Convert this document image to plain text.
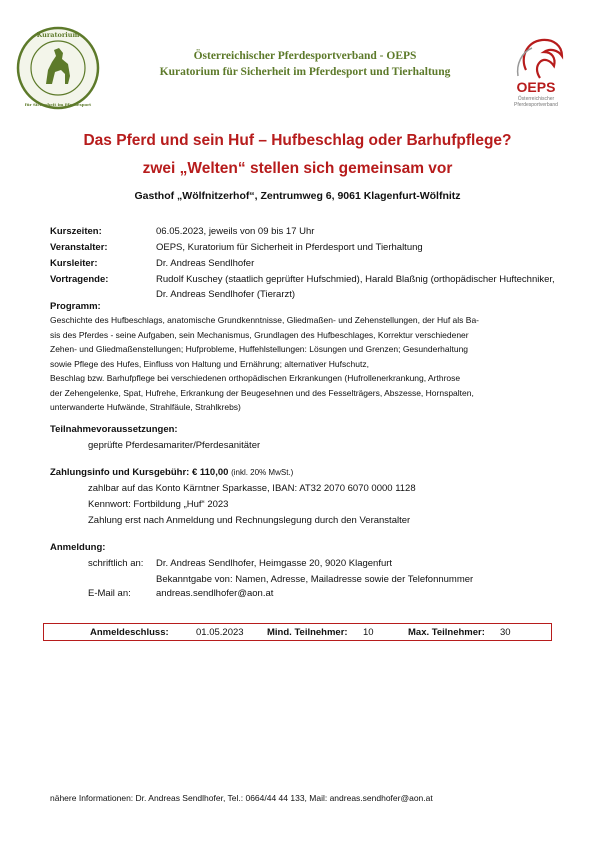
Kuratorium
für Sicherheit im Pferdesport
Österreichischer Pferdesportverband - OEPS
Kuratorium für Sicherheit im Pferdesport und Tierhaltung
OEPS
Österreichischer
Pferdesportverband
Das Pferd und sein Huf – Hufbeschlag oder Barhufpflege?
zwei „Welten“ stellen sich gemeinsam vor
Gasthof „Wölfnitzerhof“, Zentrumweg 6, 9061 Klagenfurt-Wölfnitz
Kurszeiten:	06.05.2023, jeweils von 09 bis 17 Uhr
Veranstalter:	OEPS, Kuratorium für Sicherheit in Pferdesport und Tierhaltung
Kursleiter:	Dr. Andreas Sendlhofer
Vortragende:	Rudolf Kuschey (staatlich geprüfter Hufschmied), Harald Blaßnig (orthopädischer Huftechniker, Dr. Andreas Sendlhofer (Tierarzt)
Programm:
Geschichte des Hufbeschlags, anatomische Grundkenntnisse, Gliedmaßen- und Zehenstellungen, der Huf als Ba-
sis des Pferdes - seine Aufgaben, sein Mechanismus, Grundlagen des Hufbeschlages, Korrektur verschiedener
Zehen- und Gliedmaßenstellungen; Hufprobleme, Huffehlstellungen: Lösungen und Grenzen; Gesunderhaltung
sowie Pflege des Hufes, Einfluss von Haltung und Ernährung; alternativer Hufschutz,
Beschlag bzw. Barhufpflege bei verschiedenen orthopädischen Erkrankungen (Hufrollenerkrankung, Arthrose
der Zehengelenke, Spat, Hufrehe, Erkrankung der Beugesehnen und des Fesselträgers, Abszesse, Hornspalten,
unterwanderte Hufwände, Strahlfäule, Strahlkrebs)
Teilnahmevoraussetzungen:
geprüfte Pferdesamariter/Pferdesanitäter
Zahlungsinfo und Kursgebühr: € 110,00 (inkl. 20% MwSt.)
zahlbar auf das Konto Kärntner Sparkasse, IBAN: AT32 2070 6070 0000 1128
Kennwort: Fortbildung „Huf“ 2023
Zahlung erst nach Anmeldung und Rechnungslegung durch den Veranstalter
Anmeldung:
schriftlich an: Dr. Andreas Sendlhofer, Heimgasse 20, 9020 Klagenfurt
Bekanntgabe von: Namen, Adresse, Mailadresse sowie der Telefonnummer
E-Mail an:	andreas.sendlhofer@aon.at
Anmeldeschluss:	01.05.2023 Mind. Teilnehmer: 10	Max. Teilnehmer: 30
nähere Informationen: Dr. Andreas Sendlhofer, Tel.: 0664/44 44 133, Mail: andreas.sendhofer@aon.at
